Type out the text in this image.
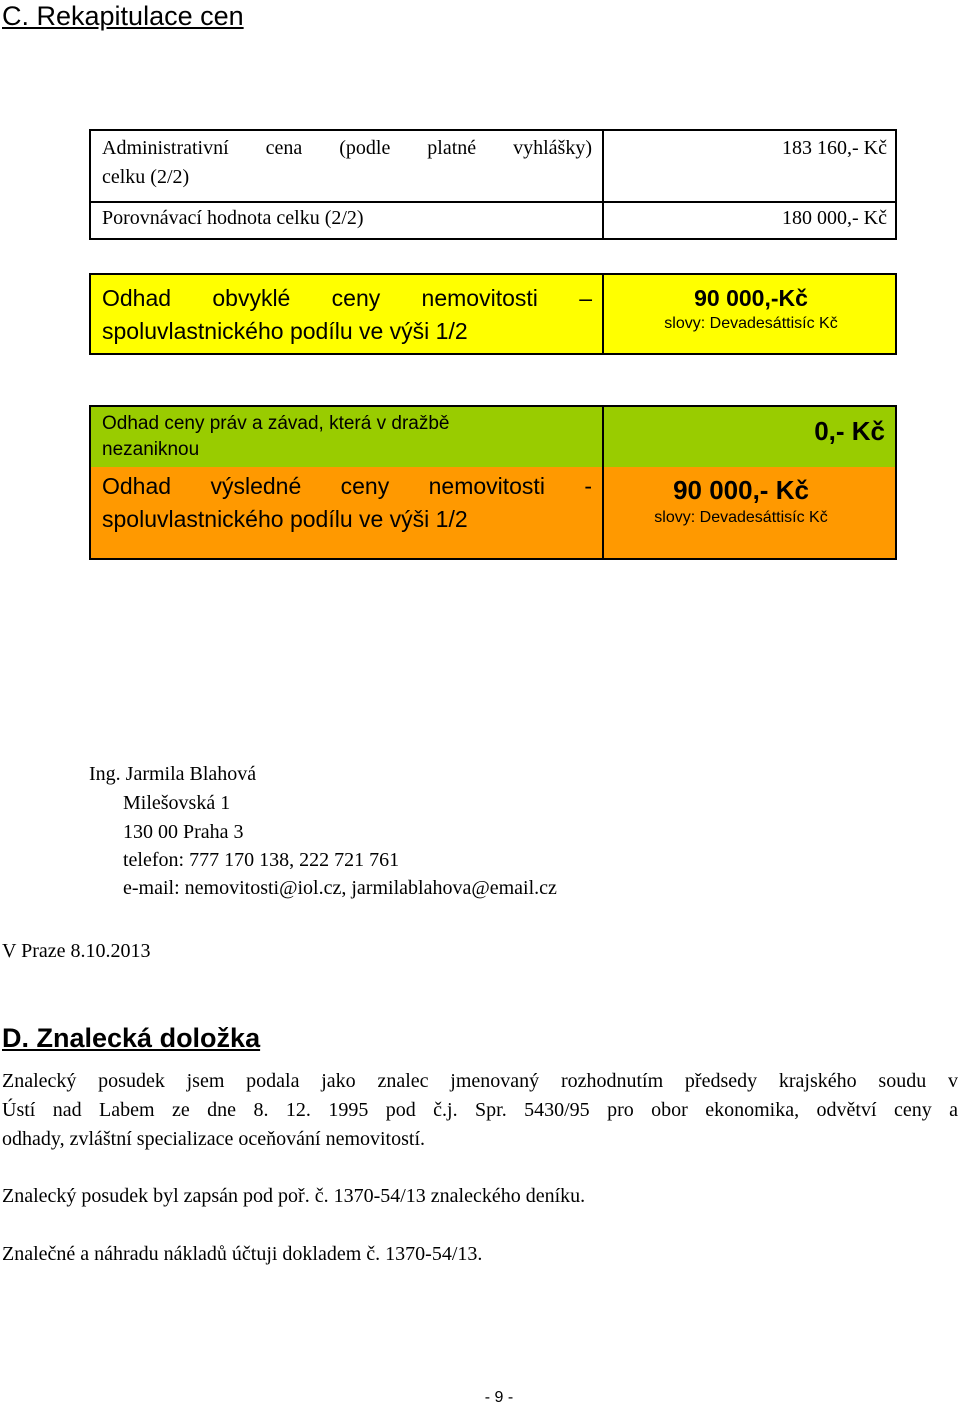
C. Rekapitulace cen
Administrativní cena (podle platné vyhlášky)
celku (2/2)
183 160,- Kč
Porovnávací hodnota celku (2/2)	180 000,- Kč
Odhad obvyklé ceny nemovitosti –
spoluvlastnického podílu ve výši 1/2
90 000,-Kč
slovy: Devadesáttisíc Kč
Odhad ceny práv a závad, která v dražbě
nezaniknou
0,- Kč
Odhad výsledné ceny nemovitosti -
spoluvlastnického podílu ve výši 1/2
90 000,- Kč
slovy: Devadesáttisíc Kč
Ing. Jarmila Blahová
Milešovská 1
130 00 Praha 3
telefon: 777 170 138, 222 721 761
e-mail: nemovitosti@iol.cz, jarmilablahova@email.cz
V Praze 8.10.2013
D. Znalecká doložka
Znalecký posudek jsem podala jako znalec jmenovaný rozhodnutím předsedy krajského soudu v
Ústí nad Labem ze dne 8. 12. 1995 pod č.j. Spr. 5430/95 pro obor ekonomika, odvětví ceny a
odhady, zvláštní specializace oceňování nemovitostí.
Znalecký posudek byl zapsán pod poř. č. 1370-54/13 znaleckého deníku.
Znalečné a náhradu nákladů účtuji dokladem č. 1370-54/13.
- 9 -
